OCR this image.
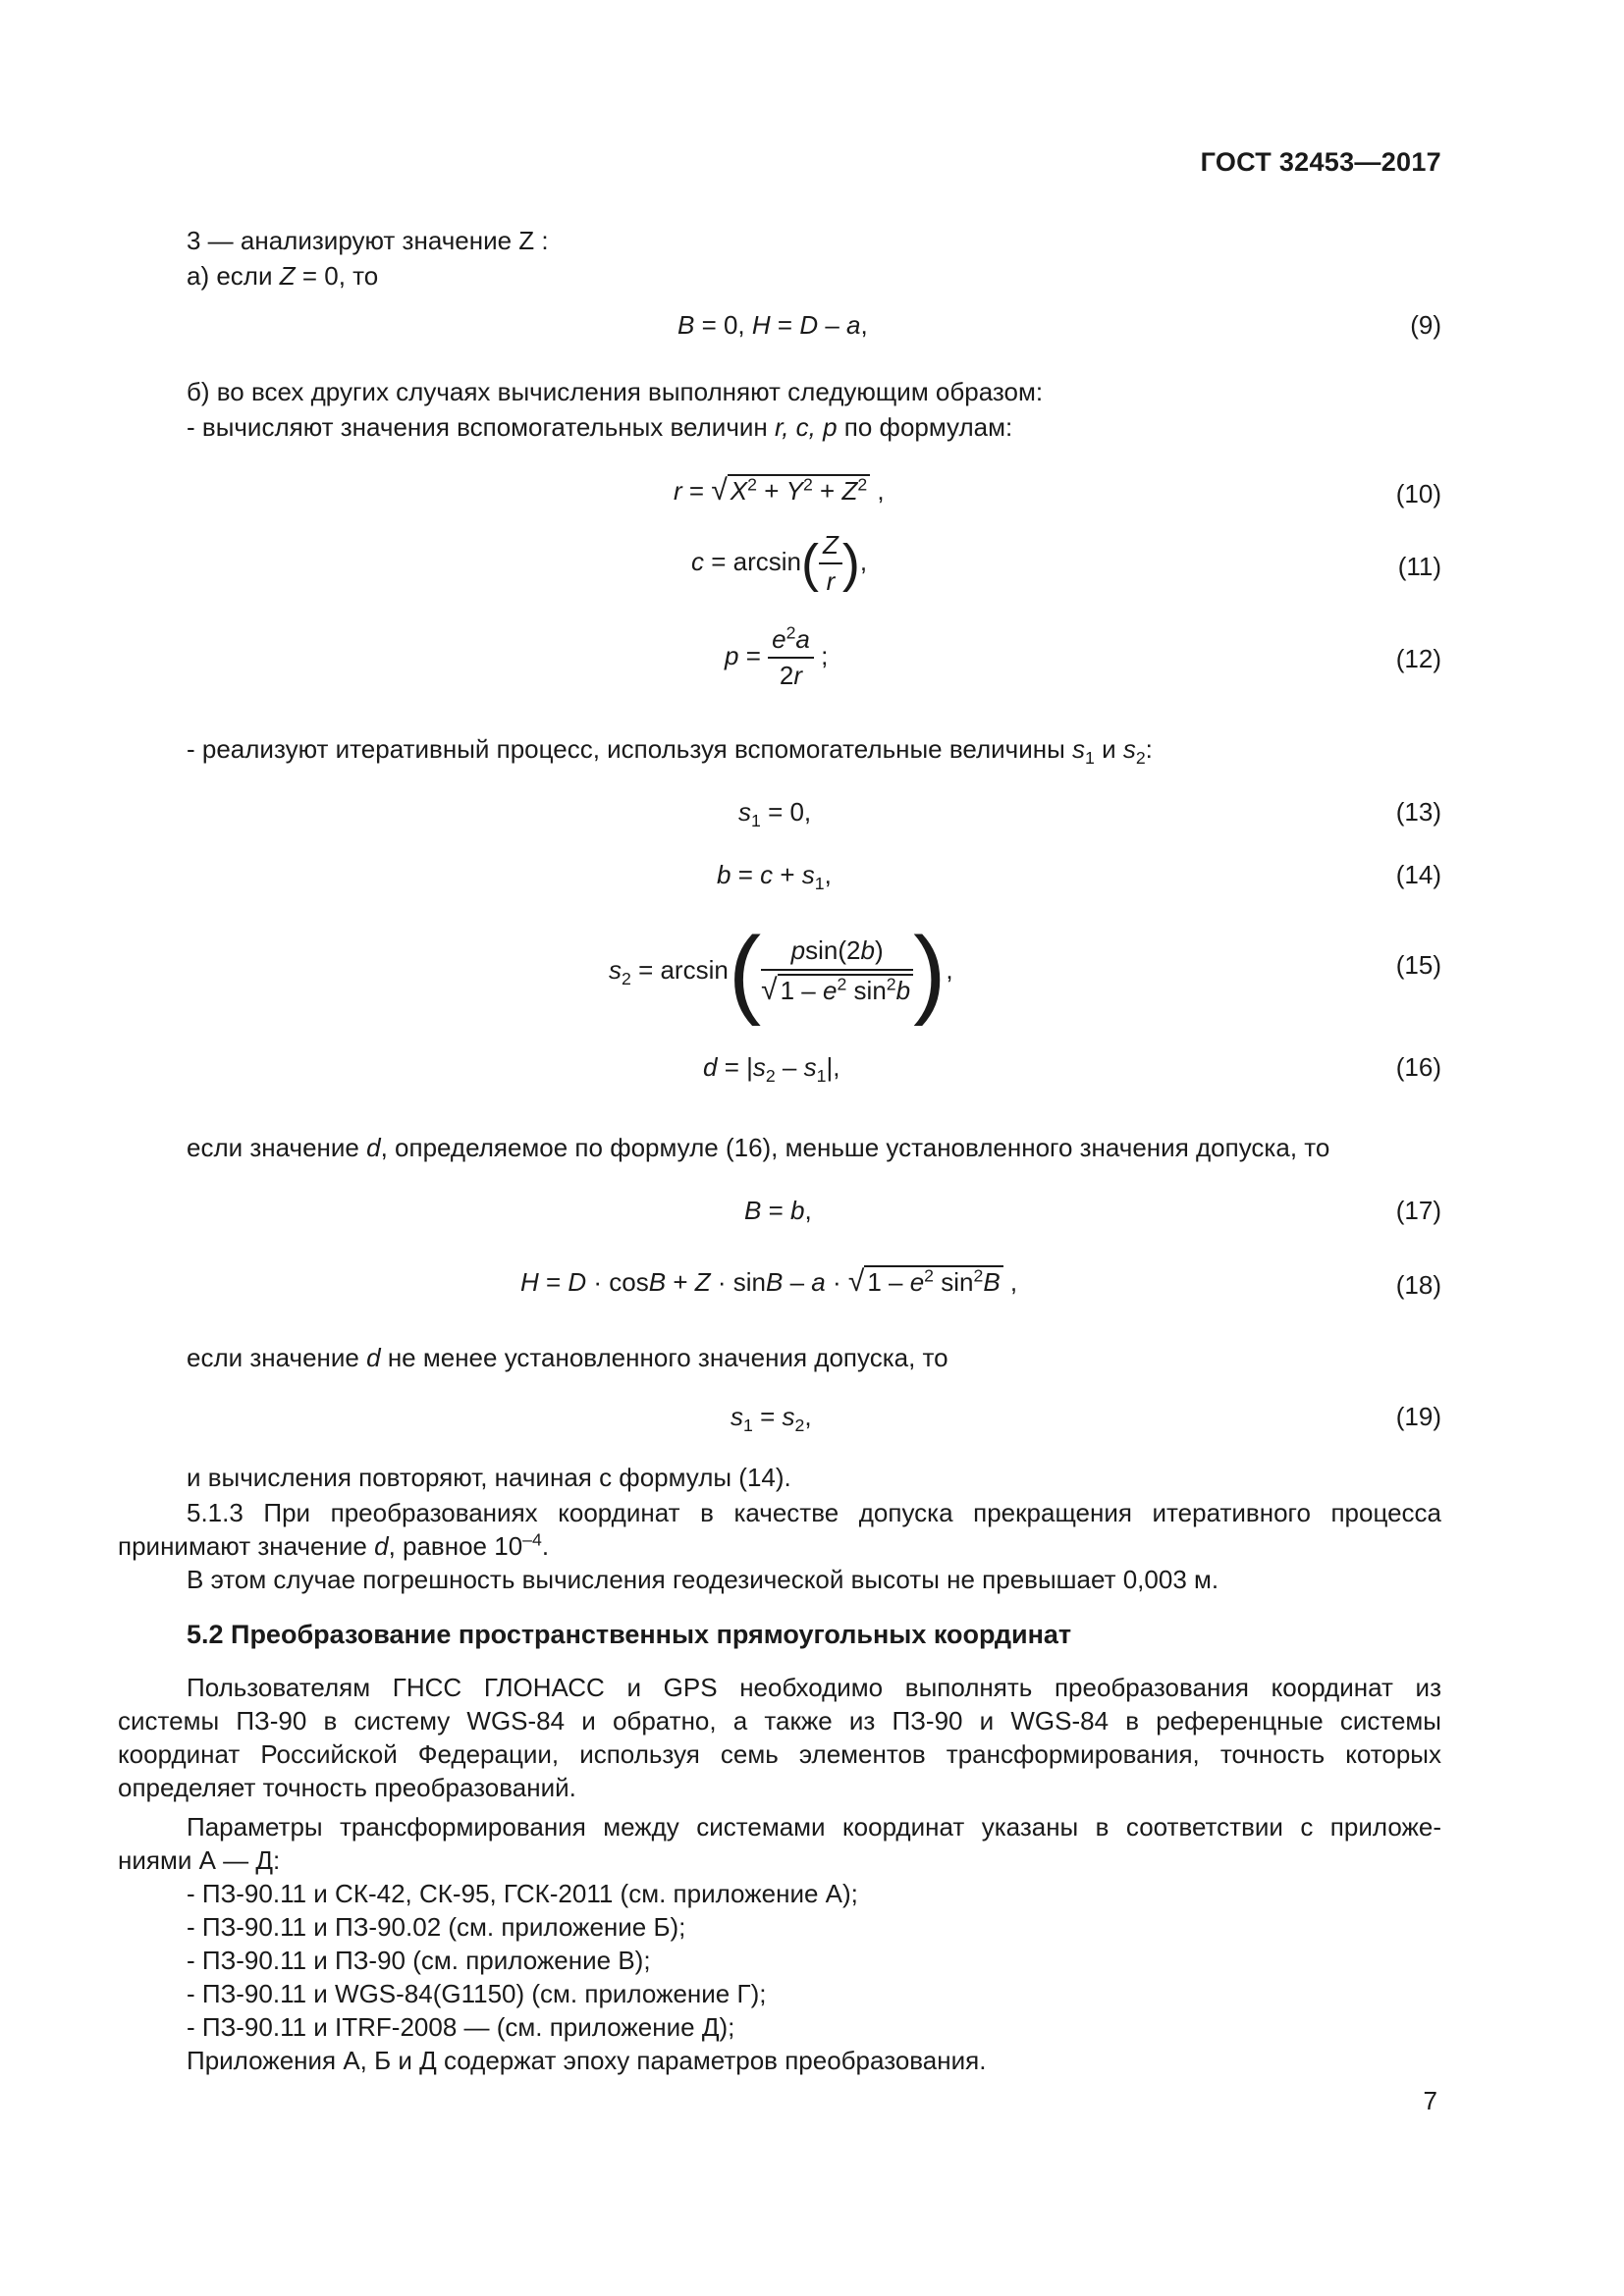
ГОСТ 32453—2017
3 — анализируют значение Z :
а) если Z = 0, то
B = 0, H = D – a,	(9)
б) во всех других случаях вычисления выполняют следующим образом:
- вычисляют значения вспомогательных величин r, c, p по формулам:
r = √ $X^2 + Y^2 + Z^2$ ,	(10)
$c = \arcsin( \frac{Z}{r}$ ),	(11)
$p = \frac{e^2a}{2r}$ ;	(12)
- реализуют итеративный процесс, используя вспомогательные величины $s_1$ и $s_2$:
$s_1 = 0$,	(13)
$b = c + s_1$,	(14)
$s_2 = \arcsin( \frac{psin(2b)}{√ 1 - e^2 \sin^2b}$ ),	(15)
$d = |s_2 - s_1|$,	(16)
если значение d, определяемое по формуле (16), меньше установленного значения допуска, то
B = b,	(17)
H = D · cosB + Z · sinB – a · √ $1 - e^2$ $\sin^2B$ ,	(18)
если значение d не менее установленного значения допуска, то
$s_1 = s_2$,	(19)
и вычисления повторяют, начиная с формулы (14).
5.1.3 При преобразованиях координат в качестве допуска прекращения итеративного процесса
принимают значение d, равное $10^{-4}$.
В этом случае погрешность вычисления геодезической высоты не превышает 0,003 м.
5.2 Преобразование пространственных прямоугольных координат
Пользователям ГНСС ГЛОНАСС и GPS необходимо выполнять преобразования координат из
системы ПЗ-90 в систему WGS-84 и обратно, а также из ПЗ-90 и WGS-84 в референцные системы
координат Российской Федерации, используя семь элементов трансформирования, точность которых
определяет точность преобразований.
Параметры трансформирования между системами координат указаны в соответствии с приложе-
ниями А — Д:
- ПЗ-90.11 и СК-42, СК-95, ГСК-2011 (см. приложение А);
- ПЗ-90.11 и ПЗ-90.02 (см. приложение Б);
- ПЗ-90.11 и ПЗ-90 (см. приложение В);
- ПЗ-90.11 и WGS-84(G1150) (см. приложение Г);
- ПЗ-90.11 и ITRF-2008 — (см. приложение Д);
Приложения А, Б и Д содержат эпоху параметров преобразования.
7
